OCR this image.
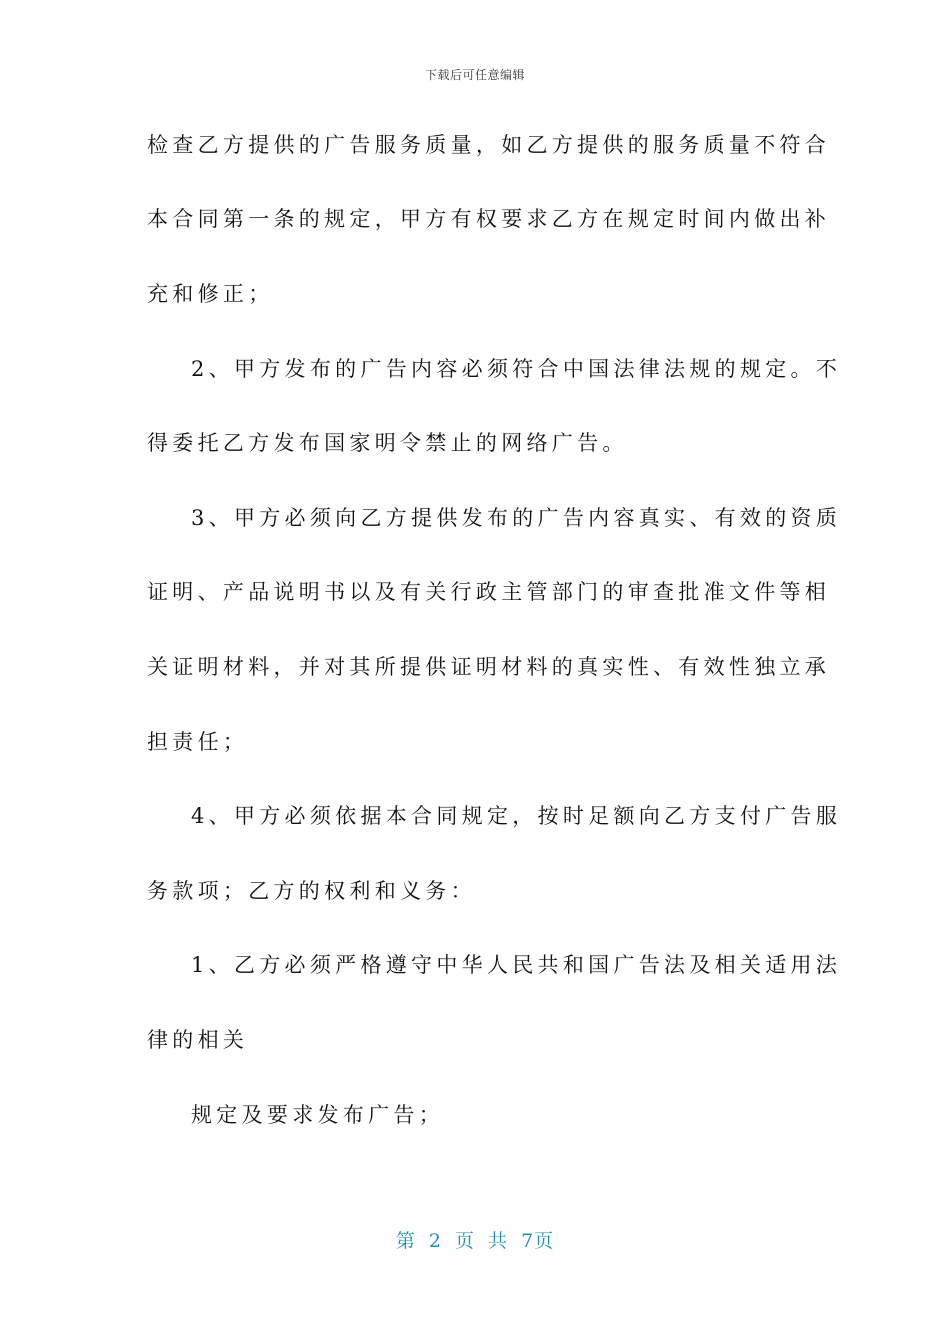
下载后可任意编辑
检查乙方提供的广告服务质量，如乙方提供的服务质量不符合
本合同第一条的规定，甲方有权要求乙方在规定时间内做出补
充和修正；
2、甲方发布的广告内容必须符合中国法律法规的规定。不
得委托乙方发布国家明令禁止的网络广告。
3、甲方必须向乙方提供发布的广告内容真实、有效的资质
证明、产品说明书以及有关行政主管部门的审查批准文件等相
关证明材料，并对其所提供证明材料的真实性、有效性独立承
担责任；
4、甲方必须依据本合同规定，按时足额向乙方支付广告服
务款项；乙方的权利和义务：
1、乙方必须严格遵守中华人民共和国广告法及相关适用法
律的相关
规定及要求发布广告；
第 2 页 共 7页
